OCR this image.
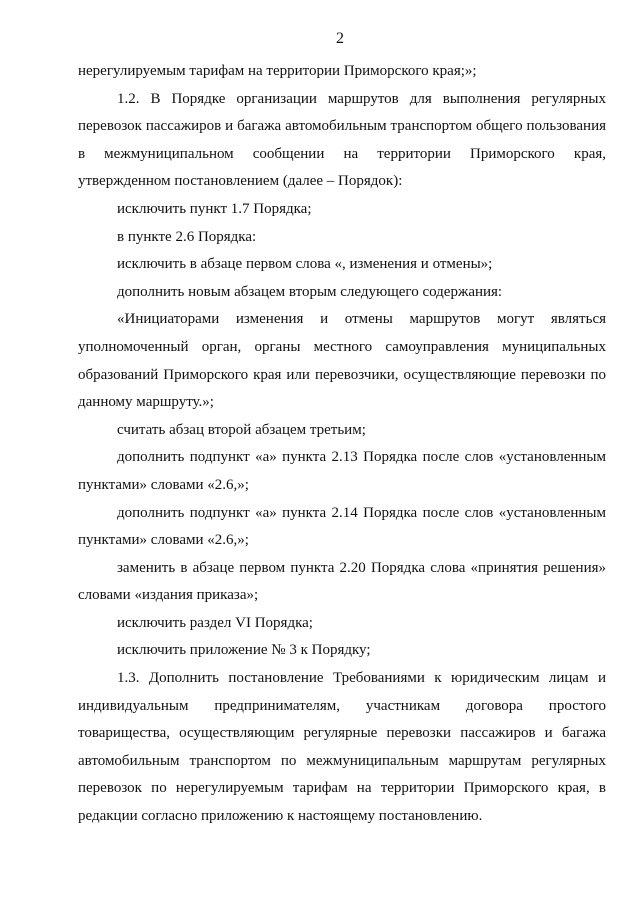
2

нерегулируемым тарифам на территории Приморского края;»;

1.2. В Порядке организации маршрутов для выполнения регулярных перевозок пассажиров и багажа автомобильным транспортом общего пользования в межмуниципальном сообщении на территории Приморского края, утвержденном постановлением (далее – Порядок):

исключить пункт 1.7 Порядка;

в пункте 2.6 Порядка:

исключить в абзаце первом слова «, изменения и отмены»;

дополнить новым абзацем вторым следующего содержания:

«Инициаторами изменения и отмены маршрутов могут являться уполномоченный орган, органы местного самоуправления муниципальных образований Приморского края или перевозчики, осуществляющие перевозки по данному маршруту.»;

считать абзац второй абзацем третьим;

дополнить подпункт «а» пункта 2.13 Порядка после слов «установленным пунктами» словами «2.6,»;

дополнить подпункт «а» пункта 2.14 Порядка после слов «установленным пунктами» словами «2.6,»;

заменить в абзаце первом пункта 2.20 Порядка слова «принятия решения» словами «издания приказа»;

исключить раздел VI Порядка;

исключить приложение № 3 к Порядку;

1.3. Дополнить постановление Требованиями к юридическим лицам и индивидуальным предпринимателям, участникам договора простого товарищества, осуществляющим регулярные перевозки пассажиров и багажа автомобильным транспортом по межмуниципальным маршрутам регулярных перевозок по нерегулируемым тарифам на территории Приморского края, в редакции согласно приложению к настоящему постановлению.
